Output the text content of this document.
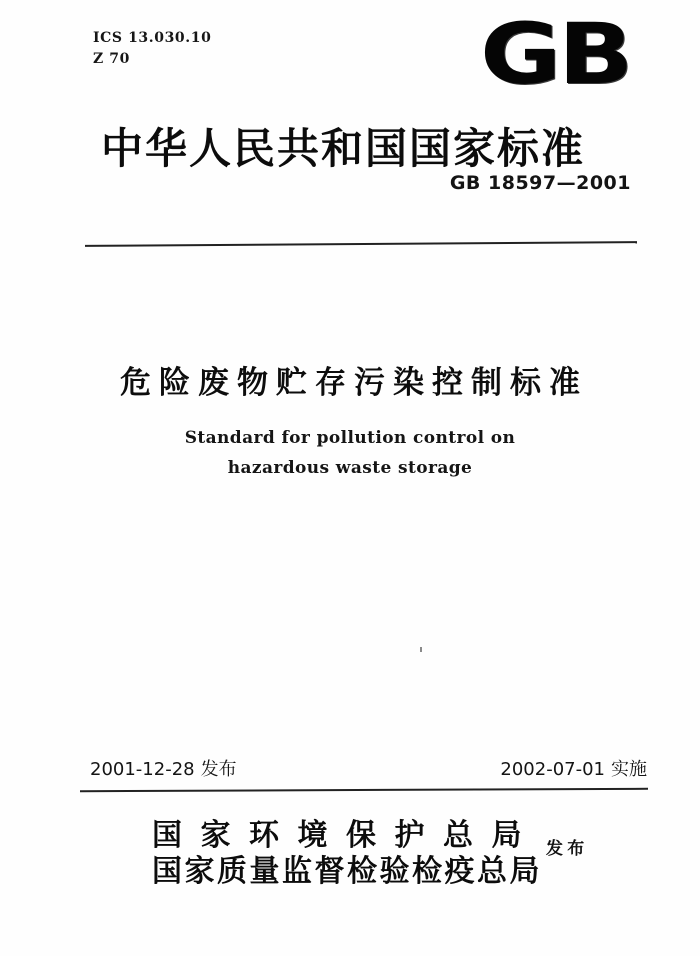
ICS 13.030.10
Z 70	GB
中华人民共和国国家标准
GB 18597—2001
危险废物贮存污染控制标准
Standard for pollution control on
hazardous waste storage
2001-12-28 发布	2002-07-01 实施
国 家 环 境 保 护 总 局
国家质量监督检验检疫总局
发 布
